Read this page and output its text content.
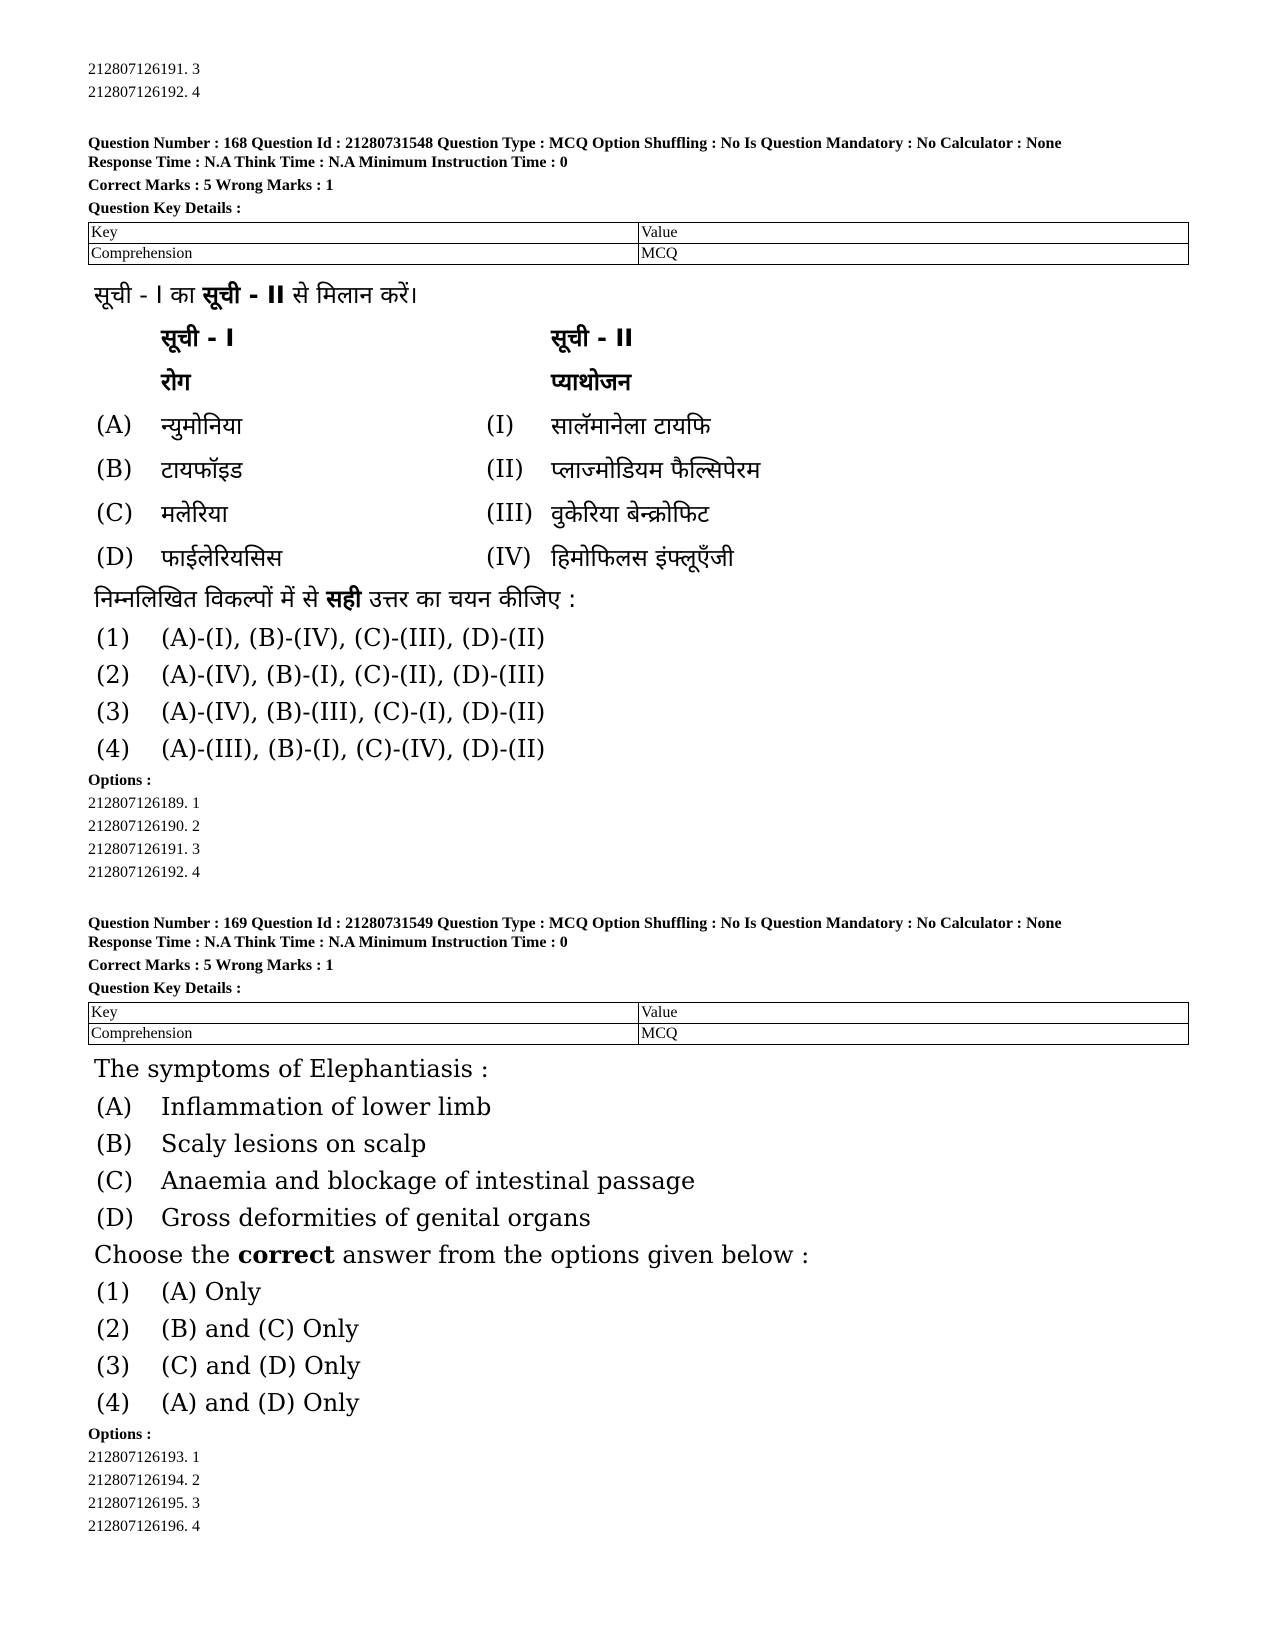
212807126191. 3
212807126192. 4
Question Number : 168 Question Id : 21280731548 Question Type : MCQ Option Shuffling : No Is Question Mandatory : No Calculator : None
Response Time : N.A Think Time : N.A Minimum Instruction Time : 0
Correct Marks : 5 Wrong Marks : 1
Question Key Details :
Key	Value
Comprehension	MCQ
सूची - I का सूची - II से मिलान करें।
सूची - I	सूची - II
रोग	प्याथोजन
(A)	न्युमोनिया	(I)	सालॅमानेला टायफि
(B)	टायफॉइड	(II)	प्लाज्मोडियम फैल्सिपेरम
(C)	मलेरिया	(III) वुकेरिया बेन्क्रोफिट
(D)	फाईलेरियसिस	(IV) हिमोफिलस इंफ्लूएँजी
निम्नलिखित विकल्पों में से सही उत्तर का चयन कीजिए :
(1)	(A)-(I), (B)-(IV), (C)-(III), (D)-(II)
(2)	(A)-(IV), (B)-(I), (C)-(II), (D)-(III)
(3)	(A)-(IV), (B)-(III), (C)-(I), (D)-(II)
(4)	(A)-(III), (B)-(I), (C)-(IV), (D)-(II)
Options :
212807126189. 1
212807126190. 2
212807126191. 3
212807126192. 4
Question Number : 169 Question Id : 21280731549 Question Type : MCQ Option Shuffling : No Is Question Mandatory : No Calculator : None
Response Time : N.A Think Time : N.A Minimum Instruction Time : 0
Correct Marks : 5 Wrong Marks : 1
Question Key Details :
Key	Value
Comprehension	MCQ
The symptoms of Elephantiasis :
(A)	Inflammation of lower limb
(B)	Scaly lesions on scalp
(C)	Anaemia and blockage of intestinal passage
(D)	Gross deformities of genital organs
Choose the correct answer from the options given below :
(1)	(A) Only
(2)	(B) and (C) Only
(3)	(C) and (D) Only
(4)	(A) and (D) Only
Options :
212807126193. 1
212807126194. 2
212807126195. 3
212807126196. 4
